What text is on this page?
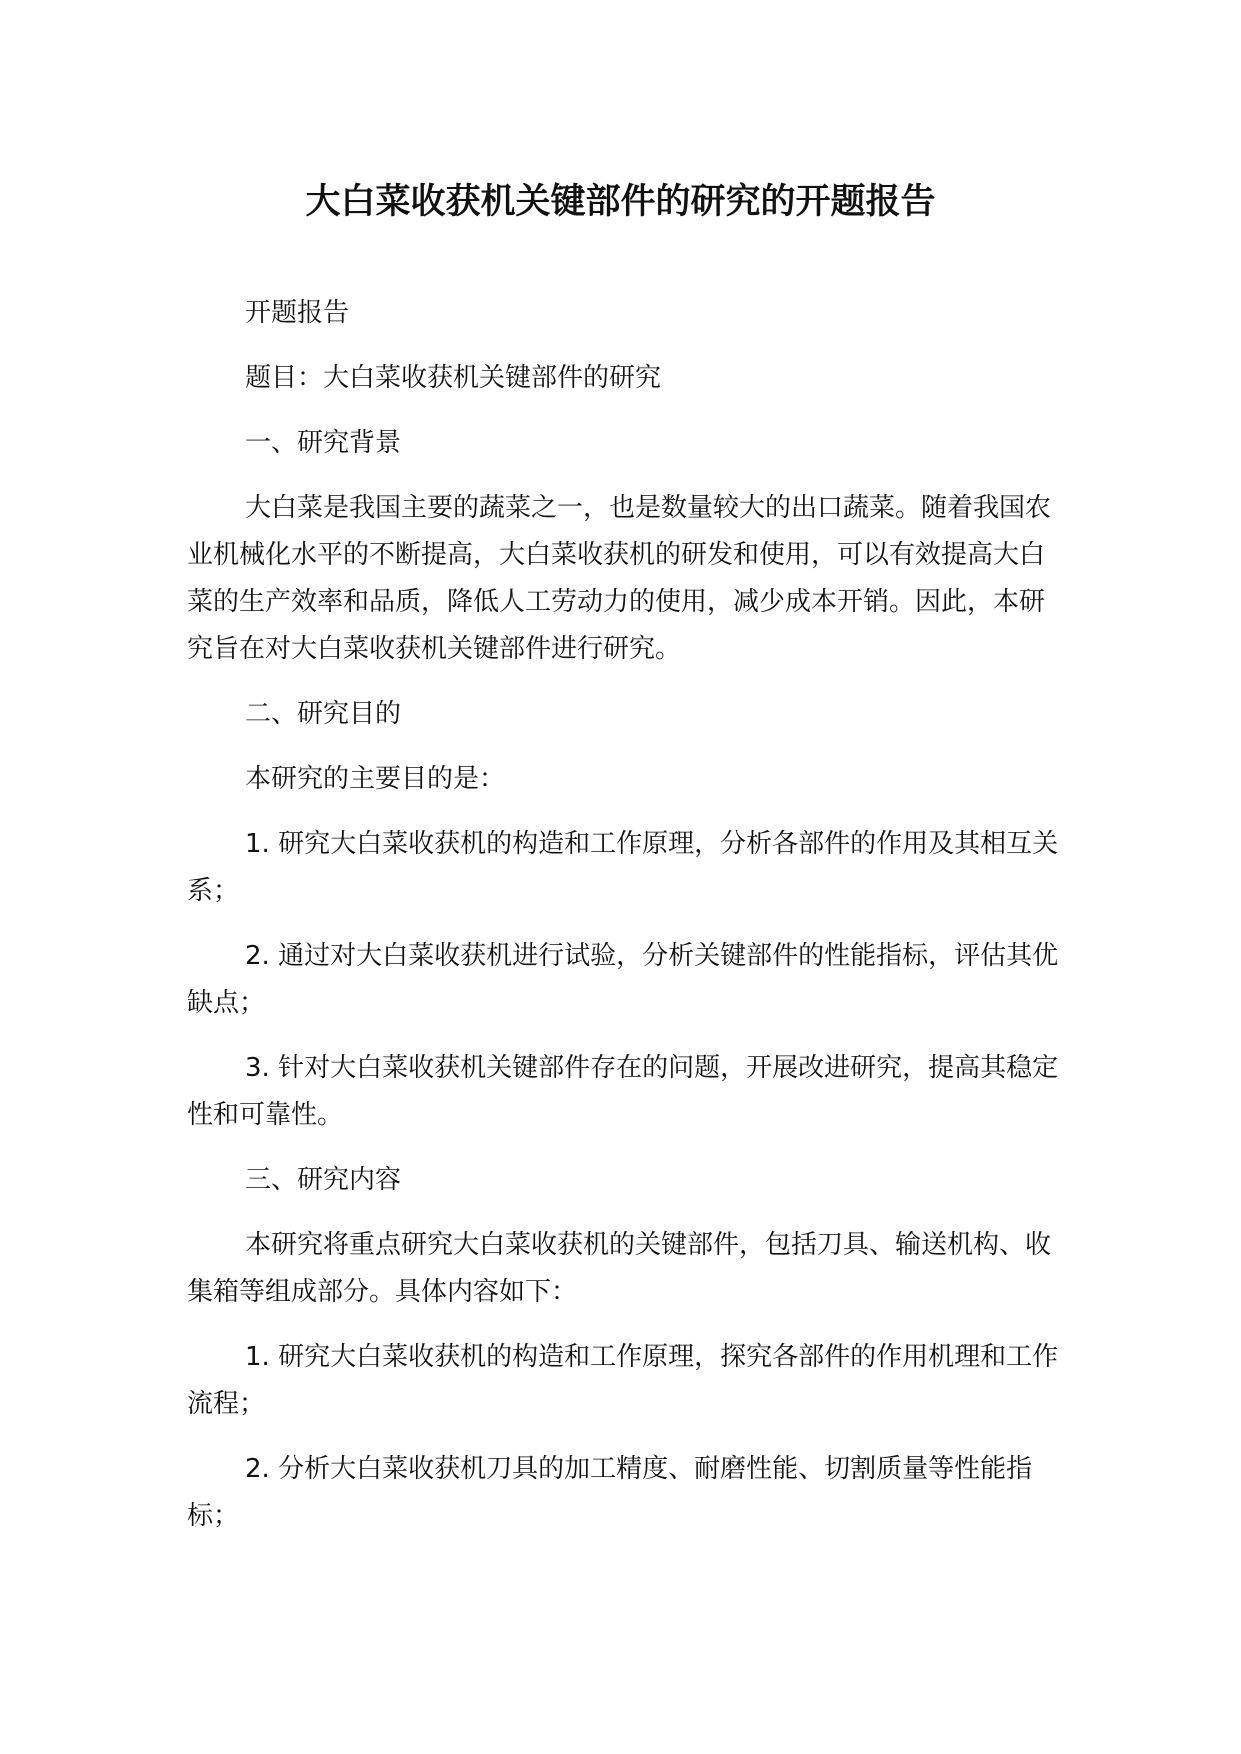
大白菜收获机关键部件的研究的开题报告

开题报告

题目：大白菜收获机关键部件的研究

一、研究背景

大白菜是我国主要的蔬菜之一，也是数量较大的出口蔬菜。随着我国农业机械化水平的不断提高，大白菜收获机的研发和使用，可以有效提高大白菜的生产效率和品质，降低人工劳动力的使用，减少成本开销。因此，本研究旨在对大白菜收获机关键部件进行研究。

二、研究目的

本研究的主要目的是：

1. 研究大白菜收获机的构造和工作原理，分析各部件的作用及其相互关系；

2. 通过对大白菜收获机进行试验，分析关键部件的性能指标，评估其优缺点；

3. 针对大白菜收获机关键部件存在的问题，开展改进研究，提高其稳定性和可靠性。

三、研究内容

本研究将重点研究大白菜收获机的关键部件，包括刀具、输送机构、收集箱等组成部分。具体内容如下：

1. 研究大白菜收获机的构造和工作原理，探究各部件的作用机理和工作流程；

2. 分析大白菜收获机刀具的加工精度、耐磨性能、切割质量等性能指标；
